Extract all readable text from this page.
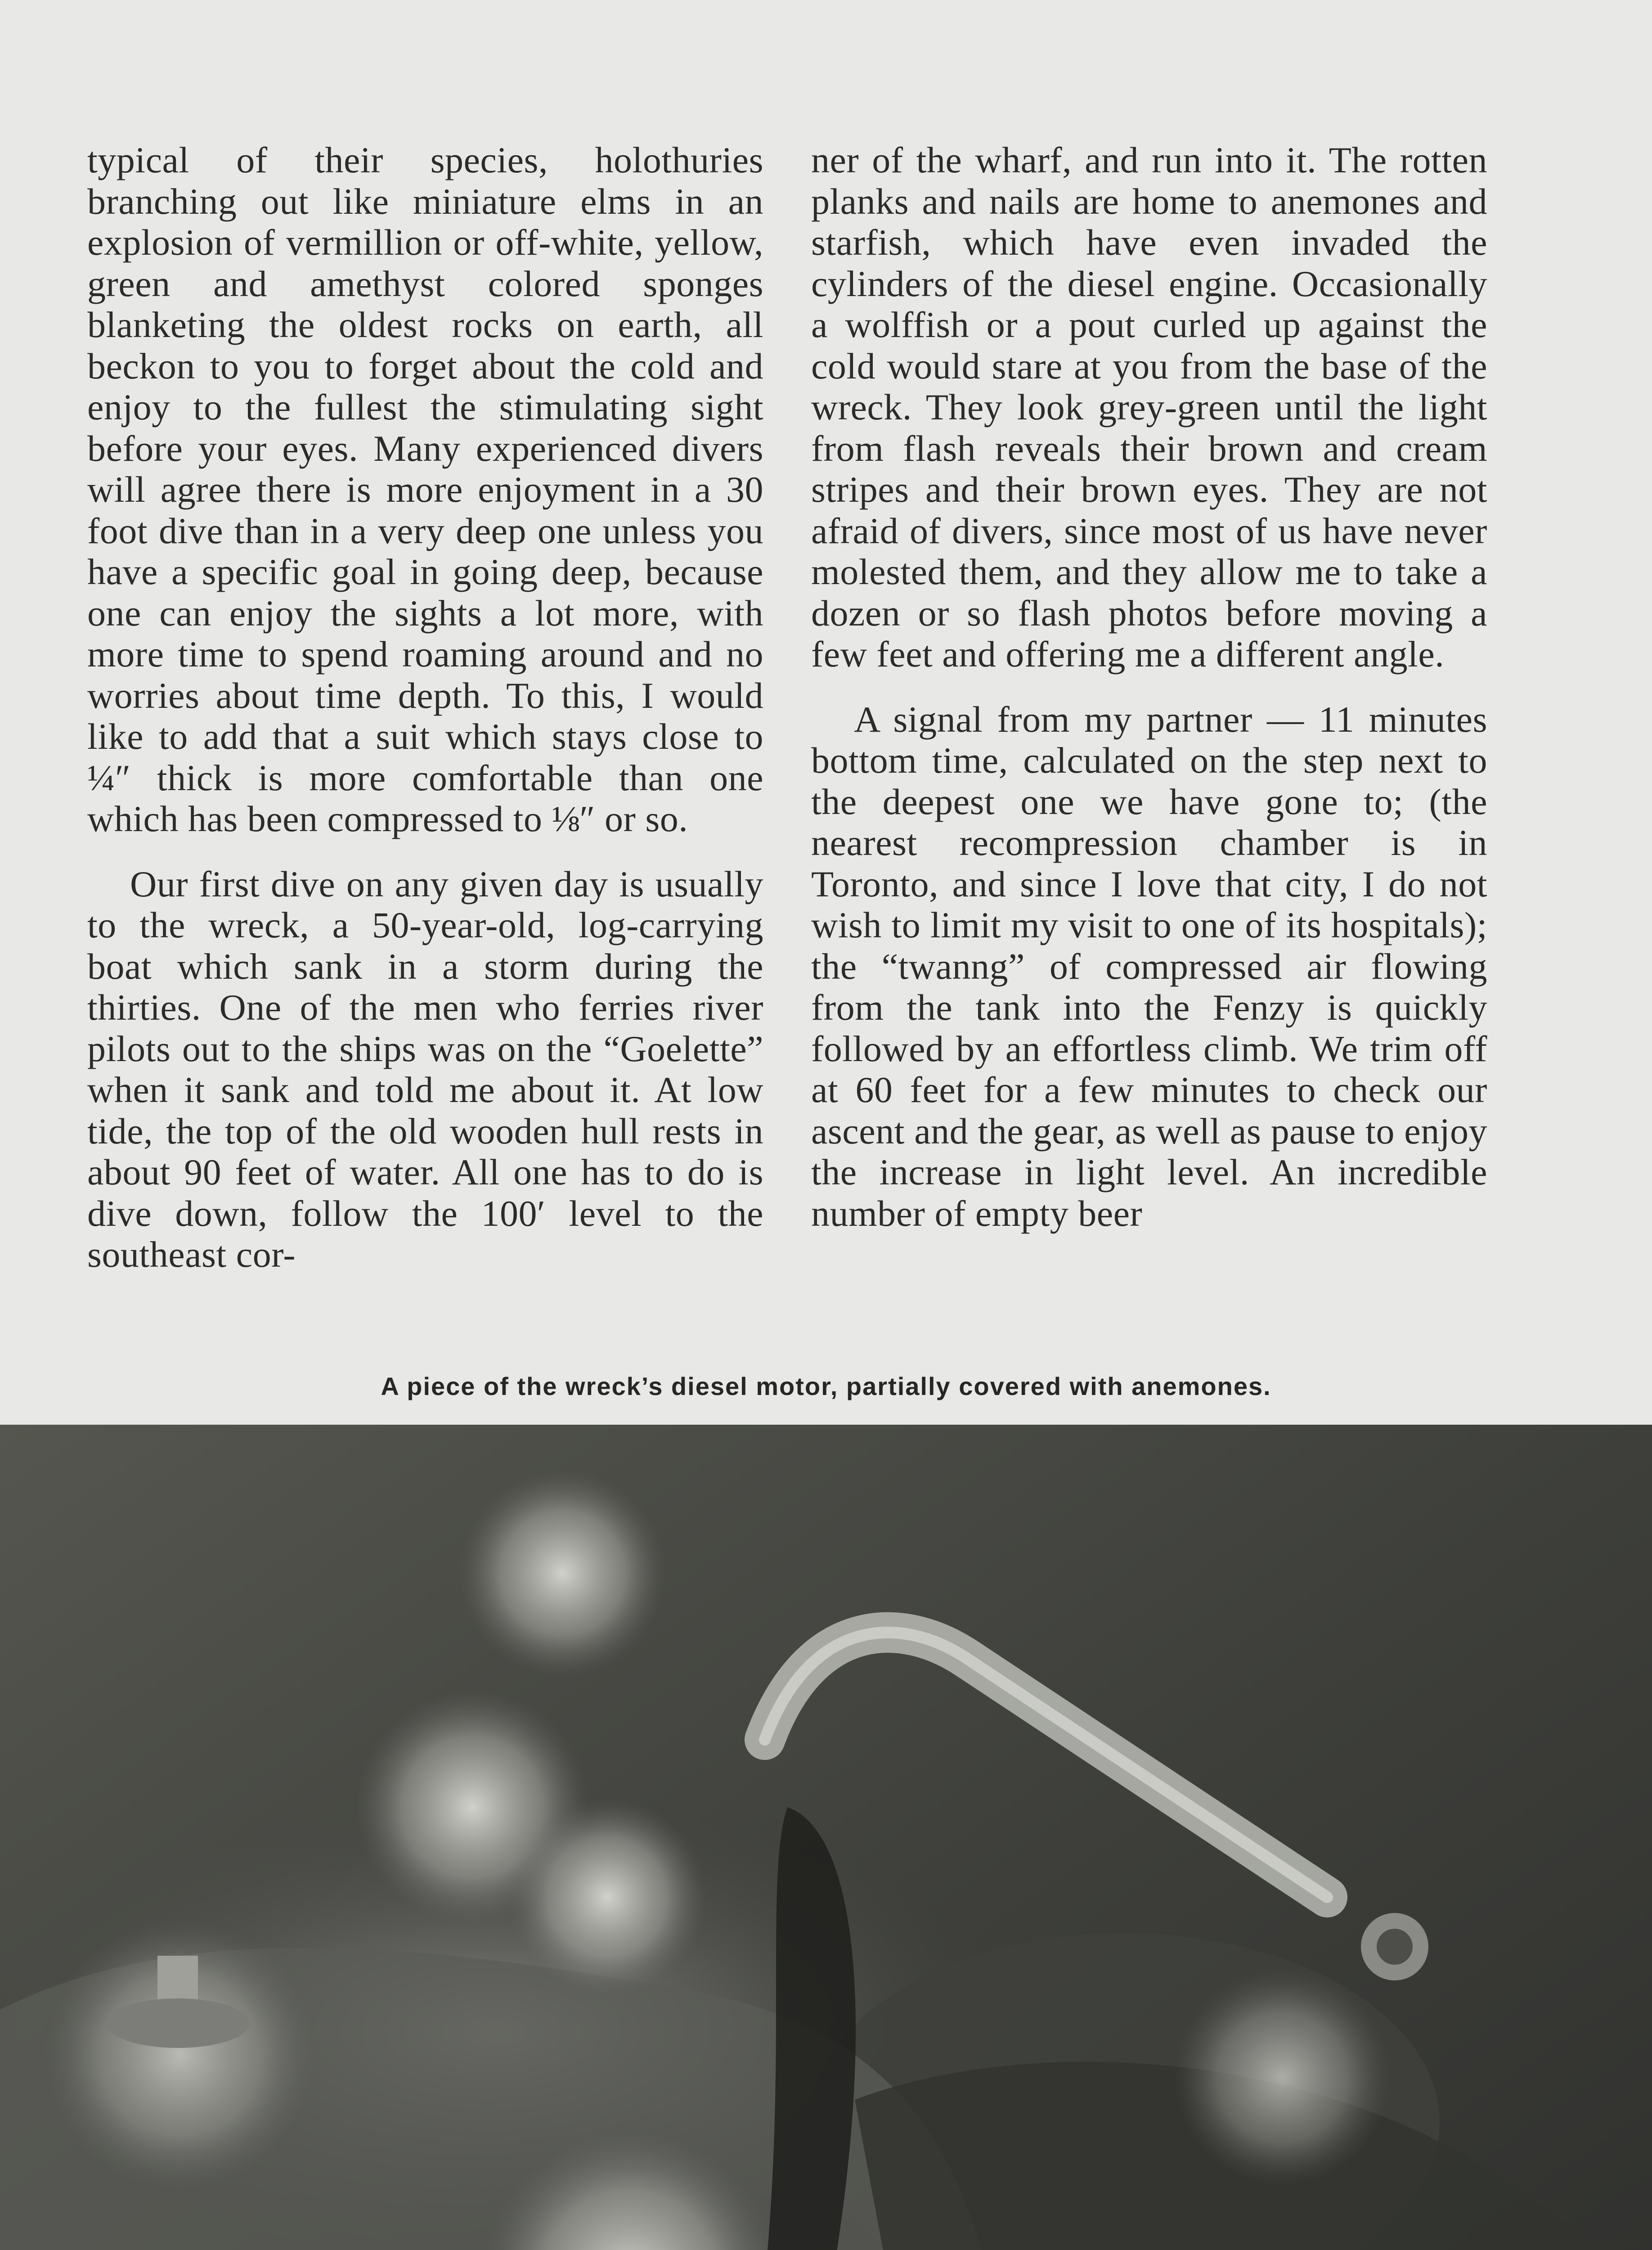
typical of their species, holothuries branching out like miniature elms in an explosion of vermillion or off-white, yellow, green and amethyst colored sponges blanketing the oldest rocks on earth, all beckon to you to forget about the cold and enjoy to the fullest the stimulating sight before your eyes. Many experienced divers will agree there is more enjoyment in a 30 foot dive than in a very deep one unless you have a specific goal in going deep, because one can enjoy the sights a lot more, with more time to spend roaming around and no worries about time depth. To this, I would like to add that a suit which stays close to ¼″ thick is more comfortable than one which has been compressed to ⅛″ or so.

Our first dive on any given day is usually to the wreck, a 50-year-old, log-carrying boat which sank in a storm during the thirties. One of the men who ferries river pilots out to the ships was on the “Goelette” when it sank and told me about it. At low tide, the top of the old wooden hull rests in about 90 feet of water. All one has to do is dive down, follow the 100′ level to the southeast cor-

ner of the wharf, and run into it. The rotten planks and nails are home to anemones and starfish, which have even invaded the cylinders of the diesel engine. Occasionally a wolffish or a pout curled up against the cold would stare at you from the base of the wreck. They look grey-green until the light from flash reveals their brown and cream stripes and their brown eyes. They are not afraid of divers, since most of us have never molested them, and they allow me to take a dozen or so flash photos before moving a few feet and offering me a different angle.

A signal from my partner — 11 minutes bottom time, calculated on the step next to the deepest one we have gone to; (the nearest recompression chamber is in Toronto, and since I love that city, I do not wish to limit my visit to one of its hospitals); the “twanng” of compressed air flowing from the tank into the Fenzy is quickly followed by an effortless climb. We trim off at 60 feet for a few minutes to check our ascent and the gear, as well as pause to enjoy the increase in light level. An incredible number of empty beer

A piece of the wreck’s diesel motor, partially covered with anemones.
